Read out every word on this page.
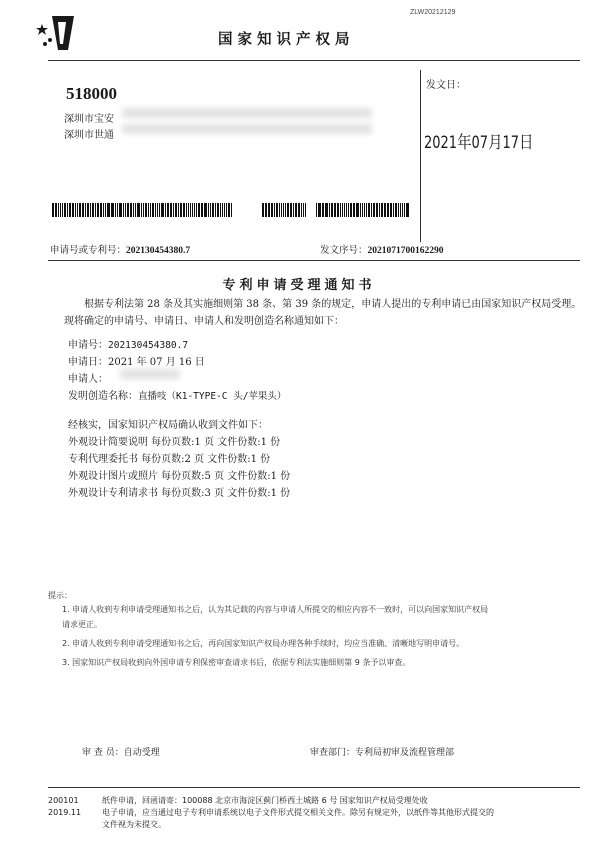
国家知识产权局
ZLW20212129
518000
深圳市宝安
深圳市世通
发文日：
2021年07月17日
申请号或专利号：202130454380.7	发文序号：2021071700162290
专利申请受理通知书
根据专利法第 28 条及其实施细则第 38 条、第 39 条的规定，申请人提出的专利申请已由国家知识产权局受理。现将确定的申请号、申请日、申请人和发明创造名称通知如下：
申请号：202130454380.7
申请日：2021 年 07 月 16 日
申请人：
发明创造名称：直播吱（K1-TYPE-C 头/苹果头）
经核实，国家知识产权局确认收到文件如下：
外观设计简要说明 每份页数:1 页 文件份数:1 份
专利代理委托书 每份页数:2 页 文件份数:1 份
外观设计图片或照片 每份页数:5 页 文件份数:1 份
外观设计专利请求书 每份页数:3 页 文件份数:1 份
提示：
1. 申请人收到专利申请受理通知书之后，认为其记载的内容与申请人所提交的相应内容不一致时，可以向国家知识产权局
请求更正。
2. 申请人收到专利申请受理通知书之后，再向国家知识产权局办理各种手续时，均应当准确、清晰地写明申请号。
3. 国家知识产权局收到向外国申请专利保密审查请求书后，依据专利法实施细则第 9 条予以审查。
审 查 员：自动受理	审查部门：专利局初审及流程管理部
200101
2019.11
纸件申请，回函请寄：100088 北京市海淀区蓟门桥西土城路 6 号 国家知识产权局受理处收
电子申请，应当通过电子专利申请系统以电子文件形式提交相关文件。除另有规定外，以纸件等其他形式提交的
文件视为未提交。
